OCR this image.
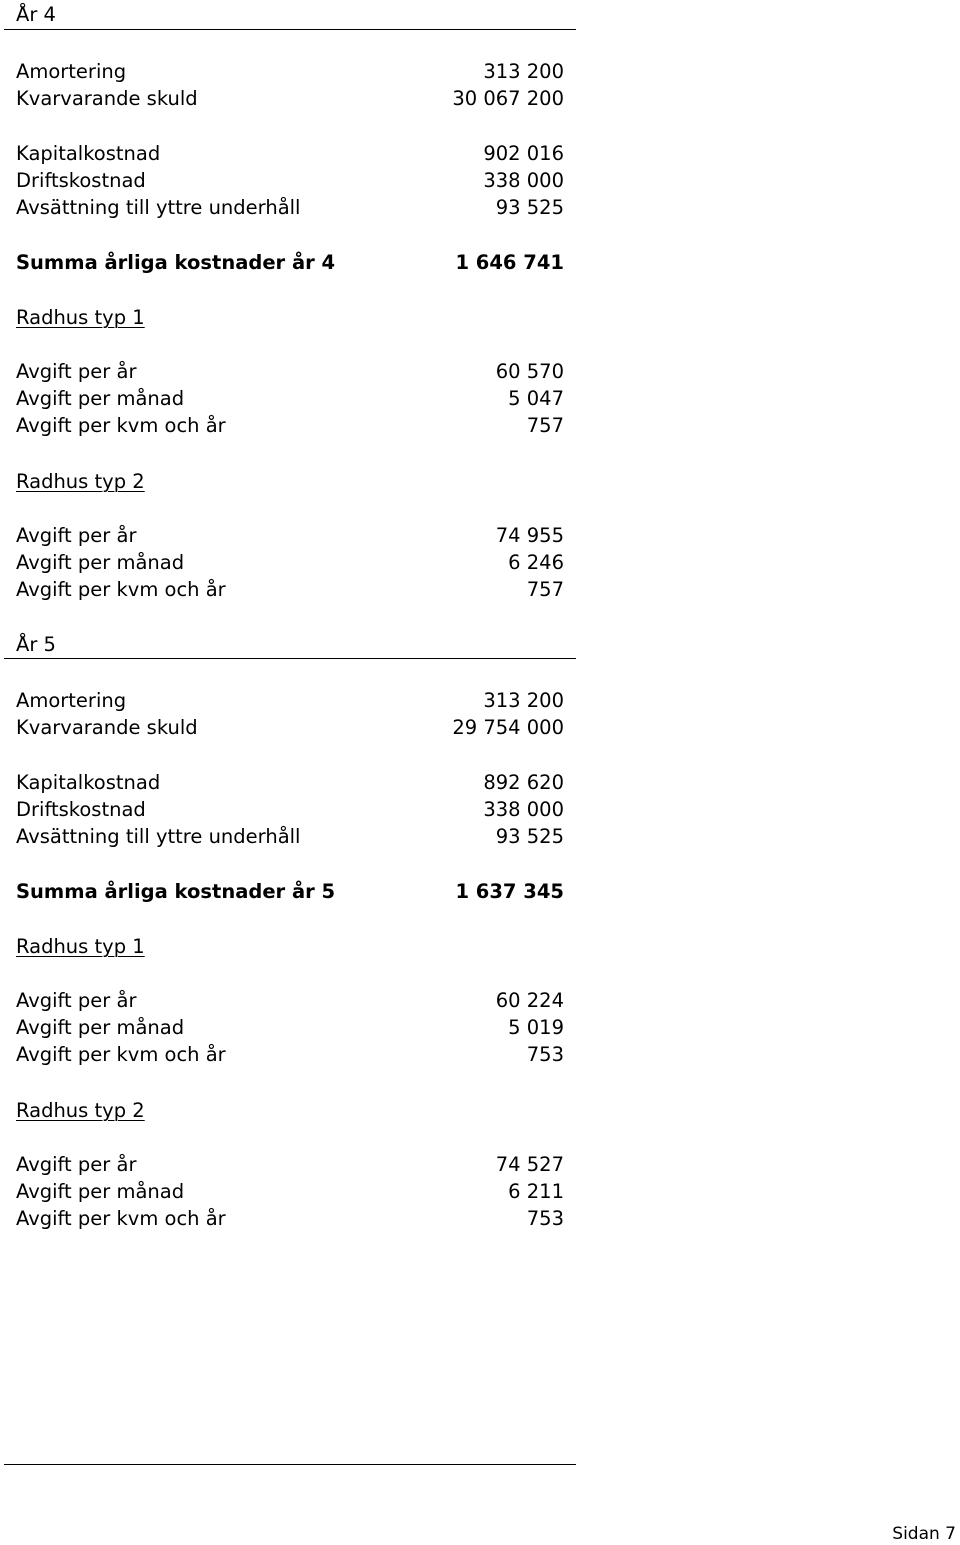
År 4
Amortering	313 200
Kvarvarande skuld	30 067 200
Kapitalkostnad	902 016
Driftskostnad	338 000
Avsättning till yttre underhåll	93 525
Summa årliga kostnader år 4	1 646 741
Radhus typ 1
Avgift per år	60 570
Avgift per månad	5 047
Avgift per kvm och år	757
Radhus typ 2
Avgift per år	74 955
Avgift per månad	6 246
Avgift per kvm och år	757
År 5
Amortering	313 200
Kvarvarande skuld	29 754 000
Kapitalkostnad	892 620
Driftskostnad	338 000
Avsättning till yttre underhåll	93 525
Summa årliga kostnader år 5	1 637 345
Radhus typ 1
Avgift per år	60 224
Avgift per månad	5 019
Avgift per kvm och år	753
Radhus typ 2
Avgift per år	74 527
Avgift per månad	6 211
Avgift per kvm och år	753
Sidan 7
